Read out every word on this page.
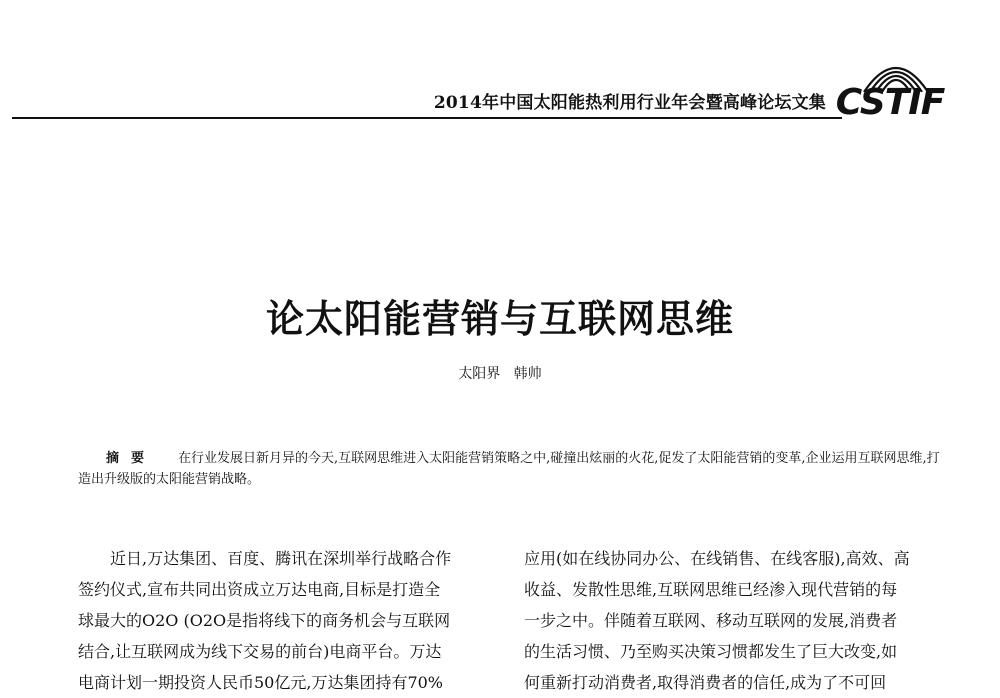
2014年中国太阳能热利用行业年会暨高峰论坛文集 CSTIF
论太阳能营销与互联网思维
太阳界   韩帅
摘要 在行业发展日新月异的今天,互联网思维进入太阳能营销策略之中,碰撞出炫丽的火花,促发了太阳能营销的变革,企业运用互联网思维,打造出升级版的太阳能营销战略。
近日,万达集团、百度、腾讯在深圳举行战略合作
签约仪式,宣布共同出资成立万达电商,目标是打造全
球最大的O2O (O2O是指将线下的商务机会与互联网
结合,让互联网成为线下交易的前台)电商平台。万达
电商计划一期投资人民币50亿元,万达集团持有70%
应用(如在线协同办公、在线销售、在线客服),高效、高
收益、发散性思维,互联网思维已经渗入现代营销的每
一步之中。伴随着互联网、移动互联网的发展,消费者
的生活习惯、乃至购买决策习惯都发生了巨大改变,如
何重新打动消费者,取得消费者的信任,成为了不可回
